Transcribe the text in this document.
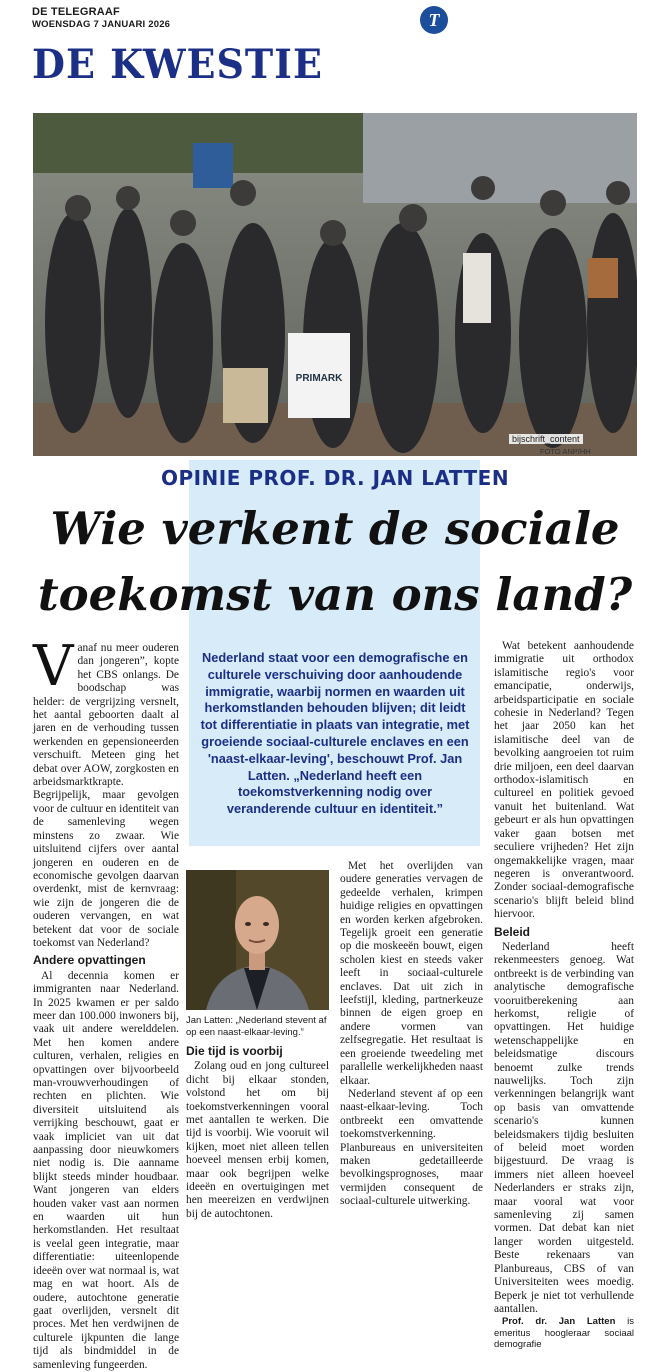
DE TELEGRAAF
WOENSDAG 7 JANUARI 2026	T
DE KWESTIE
PRIMARK
bijschrift_content
FOTO ANP/HH
OPINIE PROF. DR. JAN LATTEN
Wie verkent de sociale
toekomst van ons land?
V anaf nu meer ouderen dan jongeren”, kopte het CBS onlangs. De boodschap was helder: de vergrijzing versnelt, het aantal geboorten daalt al jaren en de verhouding tussen werkenden en gepensioneerden verschuift. Meteen ging het debat over AOW, zorgkosten en arbeidsmarktkrapte. Begrijpelijk, maar gevolgen voor de cultuur en identiteit van de samenleving wegen minstens zo zwaar. Wie uitsluitend cijfers over aantal jongeren en ouderen en de economische gevolgen daarvan overdenkt, mist de kernvraag: wie zijn de jongeren die de ouderen vervangen, en wat betekent dat voor de sociale toekomst van Nederland?

Andere opvattingen

Al decennia komen er immigranten naar Nederland. In 2025 kwamen er per saldo meer dan 100.000 inwoners bij, vaak uit andere werelddelen. Met hen komen andere culturen, verhalen, religies en opvattingen over bijvoorbeeld man-vrouwverhoudingen of rechten en plichten. Wie diversiteit uitsluitend als verrijking beschouwt, gaat er vaak impliciet van uit dat aanpassing door nieuwkomers niet nodig is. Die aanname blijkt steeds minder houdbaar. Want jongeren van elders houden vaker vast aan normen en waarden uit hun herkomstlanden. Het resultaat is veelal geen integratie, maar differentiatie: uiteenlopende ideeën over wat normaal is, wat mag en wat hoort. Als de oudere, autochtone generatie gaat overlijden, versnelt dit proces. Met hen verdwijnen de culturele ijkpunten die lange tijd als bindmiddel in de samenleving fungeerden.

Nederland staat voor een demografische en culturele verschuiving door aanhoudende immigratie, waarbij normen en waarden uit herkomstlanden behouden blijven; dit leidt tot differentiatie in plaats van integratie, met groeiende sociaal-culturele enclaves en een 'naast-elkaar-leving', beschouwt Prof. Jan Latten. „Nederland heeft een toekomstverkenning nodig over veranderende cultuur en identiteit.”
Jan Latten: „Nederland stevent af op een naast-elkaar-leving.”
Die tijd is voorbij

Zolang oud en jong cultureel dicht bij elkaar stonden, volstond het om bij toekomstverkenningen vooral met aantallen te werken. Die tijd is voorbij. Wie vooruit wil kijken, moet niet alleen tellen hoeveel mensen erbij komen, maar ook begrijpen welke ideeën en overtuigingen met hen meereizen en verdwijnen bij de autochtonen.

Met het overlijden van oudere generaties vervagen de gedeelde verhalen, krimpen huidige religies en opvattingen en worden kerken afgebroken. Tegelijk groeit een generatie op die moskeeën bouwt, eigen scholen kiest en steeds vaker leeft in sociaal-culturele enclaves. Dat uit zich in leefstijl, kleding, partnerkeuze binnen de eigen groep en andere vormen van zelfsegregatie. Het resultaat is een groeiende tweedeling met parallelle werkelijkheden naast elkaar.

Nederland stevent af op een naast-elkaar-leving. Toch ontbreekt een omvattende toekomstverkenning. Planbureaus en universiteiten maken gedetailleerde bevolkingsprognoses, maar vermijden consequent de sociaal-culturele uitwerking.

Wat betekent aanhoudende immigratie uit orthodox islamitische regio's voor emancipatie, onderwijs, arbeidsparticipatie en sociale cohesie in Nederland? Tegen het jaar 2050 kan het islamitische deel van de bevolking aangroeien tot ruim drie miljoen, een deel daarvan orthodox-islamitisch en cultureel en politiek gevoed vanuit het buitenland. Wat gebeurt er als hun opvattingen vaker gaan botsen met seculiere vrijheden? Het zijn ongemakkelijke vragen, maar negeren is onverantwoord. Zonder sociaal-demografische scenario's blijft beleid blind hiervoor.

Beleid

Nederland heeft rekenmeesters genoeg. Wat ontbreekt is de verbinding van analytische demografische vooruitberekening aan herkomst, religie of opvattingen. Het huidige wetenschappelijke en beleidsmatige discours benoemt zulke trends nauwelijks. Toch zijn verkenningen belangrijk want op basis van omvattende scenario's kunnen beleidsmakers tijdig besluiten of beleid moet worden bijgestuurd. De vraag is immers niet alleen hoeveel Nederlanders er straks zijn, maar vooral wat voor samenleving zij samen vormen. Dat debat kan niet langer worden uitgesteld. Beste rekenaars van Planbureaus, CBS of van Universiteiten wees moedig. Beperk je niet tot verhullende aantallen.

Prof. dr. Jan Latten is emeritus hoogleraar sociaal demografie
